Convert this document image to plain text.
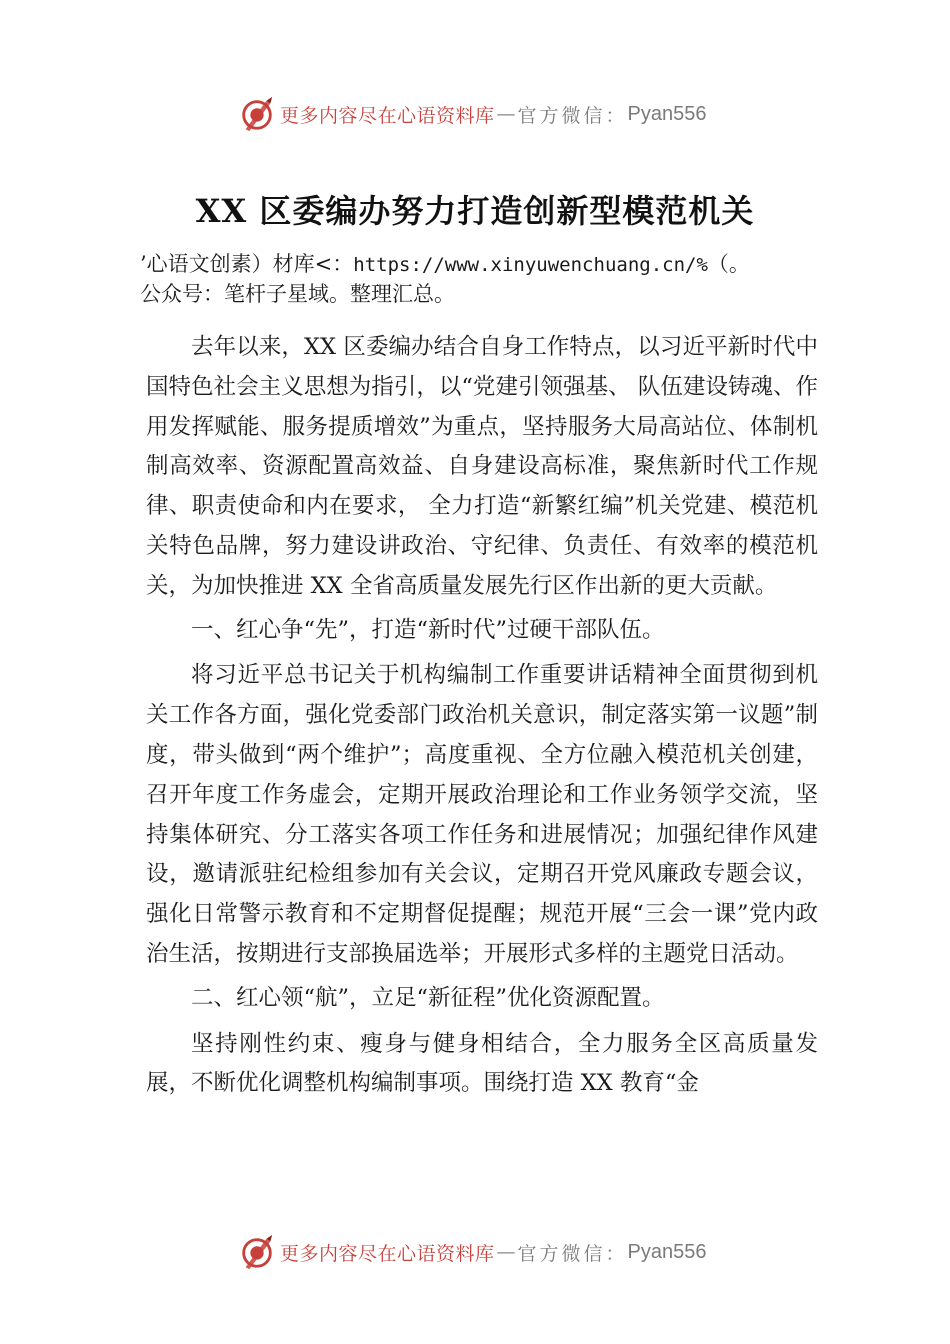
更多内容尽在心语资料库 — 官方微信： Pyan556
XX 区委编办努力打造创新型模范机关
’心语文创素）材库<：https://www.xinyuwenchuang.cn/%（。
公众号：笔杆子星域。整理汇总。

去年以来，XX 区委编办结合自身工作特点，以习近平新时代中国特色社会主义思想为指引，以“党建引领强基、 队伍建设铸魂、作用发挥赋能、服务提质增效”为重点，坚持服务大局高站位、体制机制高效率、资源配置高效益、自身建设高标准，聚焦新时代工作规律、职责使命和内在要求， 全力打造“新繁红编”机关党建、模范机关特色品牌，努力建设讲政治、守纪律、负责任、有效率的模范机关，为加快推进 XX 全省高质量发展先行区作出新的更大贡献。

一、红心争“先”，打造“新时代”过硬干部队伍。

将习近平总书记关于机构编制工作重要讲话精神全面贯彻到机关工作各方面，强化党委部门政治机关意识，制定落实第一议题”制度，带头做到“两个维护”；高度重视、全方位融入模范机关创建，召开年度工作务虚会，定期开展政治理论和工作业务领学交流，坚持集体研究、分工落实各项工作任务和进展情况；加强纪律作风建设，邀请派驻纪检组参加有关会议，定期召开党风廉政专题会议，强化日常警示教育和不定期督促提醒；规范开展“三会一课”党内政治生活，按期进行支部换届选举；开展形式多样的主题党日活动。

二、红心领“航”，立足“新征程”优化资源配置。

坚持刚性约束、瘦身与健身相结合，全力服务全区高质量发展，不断优化调整机构编制事项。围绕打造 XX 教育“金

更多内容尽在心语资料库 — 官方微信： Pyan556
